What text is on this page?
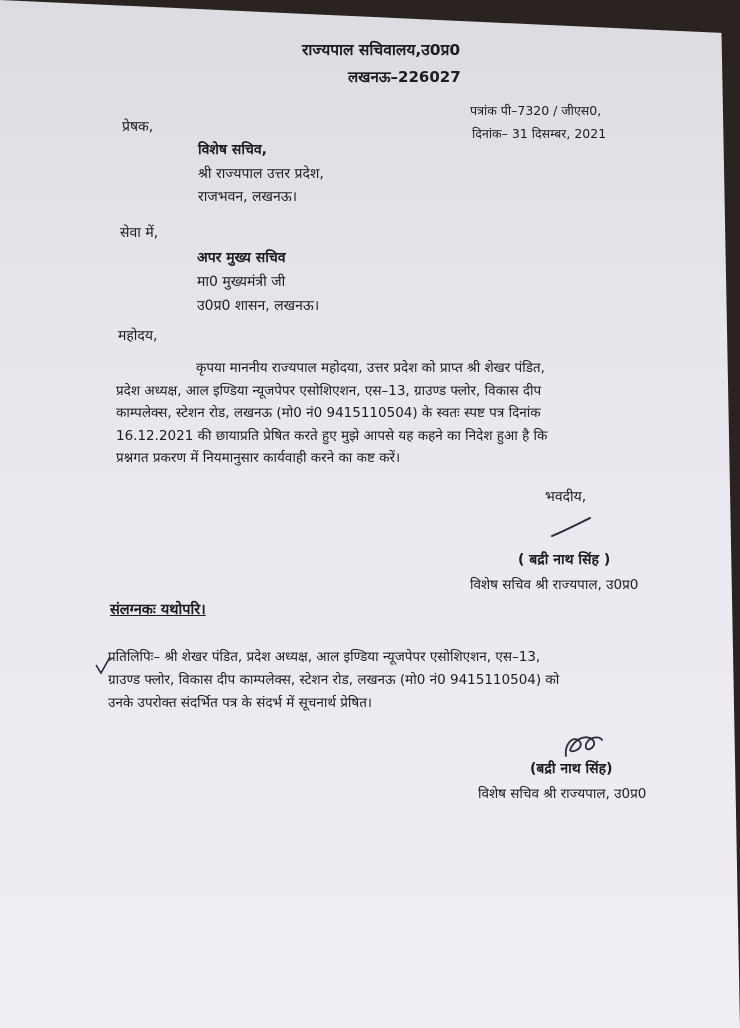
राज्यपाल सचिवालय,उ0प्र0
लखनऊ–226027
पत्रांक पी–7320 / जीएस0,
दिनांक– 31 दिसम्बर, 2021
प्रेषक,
विशेष सचिव,
श्री राज्यपाल उत्तर प्रदेश,
राजभवन, लखनऊ।
सेवा में,
अपर मुख्य सचिव
मा0 मुख्यमंत्री जी
उ0प्र0 शासन, लखनऊ।
महोदय,
कृपया माननीय राज्यपाल महोदया, उत्तर प्रदेश को प्राप्त श्री शेखर पंडित,
प्रदेश अध्यक्ष, आल इण्डिया न्यूजपेपर एसोशिएशन, एस–13, ग्राउण्ड फ्लोर, विकास दीप
काम्पलेक्स, स्टेशन रोड, लखनऊ (मो0 नं0 9415110504) के स्वतः स्पष्ट पत्र दिनांक
16.12.2021 की छायाप्रति प्रेषित करते हुए मुझे आपसे यह कहने का निदेश हुआ है कि
प्रश्नगत प्रकरण में नियमानुसार कार्यवाही करने का कष्ट करें।
भवदीय,
( बद्री नाथ सिंह )
विशेष सचिव श्री राज्यपाल, उ0प्र0
संलग्नकः यथोपरि।
प्रतिलिपिः– श्री शेखर पंडित, प्रदेश अध्यक्ष, आल इण्डिया न्यूजपेपर एसोशिएशन, एस–13,
ग्राउण्ड फ्लोर, विकास दीप काम्पलेक्स, स्टेशन रोड, लखनऊ (मो0 नं0 9415110504) को
उनके उपरोक्त संदर्भित पत्र के संदर्भ में सूचनार्थ प्रेषित।
(बद्री नाथ सिंह)
विशेष सचिव श्री राज्यपाल, उ0प्र0
